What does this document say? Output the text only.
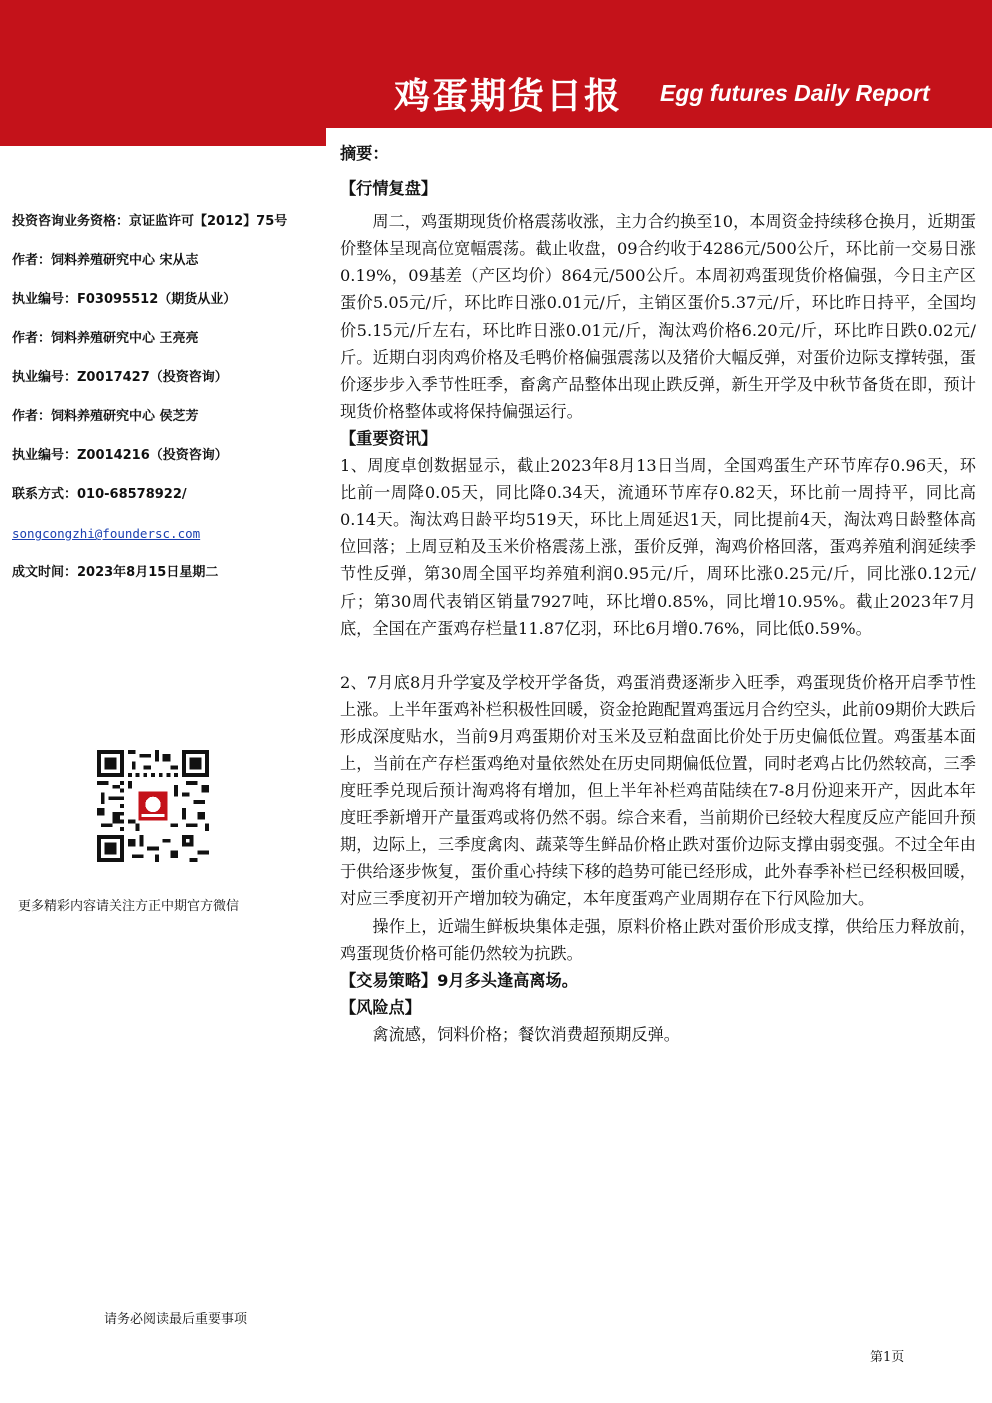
鸡蛋期货日报 Egg futures Daily Report
投资咨询业务资格：京证监许可【2012】75号
作者：饲料养殖研究中心 宋从志
执业编号：F03095512（期货从业）
作者：饲料养殖研究中心 王亮亮
执业编号：Z0017427（投资咨询）
作者：饲料养殖研究中心 侯芝芳
执业编号：Z0014216（投资咨询）
联系方式：010-68578922/
songcongzhi@foundersc.com
成文时间：2023年8月15日星期二
更多精彩内容请关注方正中期官方微信

摘要：

【行情复盘】

周二，鸡蛋期现货价格震荡收涨，主力合约换至10，本周资金持续移仓换月，近期蛋价整体呈现高位宽幅震荡。截止收盘，09合约收于4286元/500公斤，环比前一交易日涨0.19%，09基差（产区均价）864元/500公斤。本周初鸡蛋现货价格偏强，今日主产区蛋价5.05元/斤，环比昨日涨0.01元/斤，主销区蛋价5.37元/斤，环比昨日持平，全国均价5.15元/斤左右，环比昨日涨0.01元/斤，淘汰鸡价格6.20元/斤，环比昨日跌0.02元/斤。近期白羽肉鸡价格及毛鸭价格偏强震荡以及猪价大幅反弹，对蛋价边际支撑转强，蛋价逐步步入季节性旺季，畜禽产品整体出现止跌反弹，新生开学及中秋节备货在即，预计现货价格整体或将保持偏强运行。

【重要资讯】

1、周度卓创数据显示，截止2023年8月13日当周，全国鸡蛋生产环节库存0.96天，环比前一周降0.05天，同比降0.34天，流通环节库存0.82天，环比前一周持平，同比高0.14天。淘汰鸡日龄平均519天，环比上周延迟1天，同比提前4天，淘汰鸡日龄整体高位回落；上周豆粕及玉米价格震荡上涨，蛋价反弹，淘鸡价格回落，蛋鸡养殖利润延续季节性反弹，第30周全国平均养殖利润0.95元/斤，周环比涨0.25元/斤，同比涨0.12元/斤；第30周代表销区销量7927吨，环比增0.85%，同比增10.95%。截止2023年7月底，全国在产蛋鸡存栏量11.87亿羽，环比6月增0.76%，同比低0.59%。

2、7月底8月升学宴及学校开学备货，鸡蛋消费逐渐步入旺季，鸡蛋现货价格开启季节性上涨。上半年蛋鸡补栏积极性回暖，资金抢跑配置鸡蛋远月合约空头，此前09期价大跌后形成深度贴水，当前9月鸡蛋期价对玉米及豆粕盘面比价处于历史偏低位置。鸡蛋基本面上，当前在产存栏蛋鸡绝对量依然处在历史同期偏低位置，同时老鸡占比仍然较高，三季度旺季兑现后预计淘鸡将有增加，但上半年补栏鸡苗陆续在7-8月份迎来开产，因此本年度旺季新增开产量蛋鸡或将仍然不弱。综合来看，当前期价已经较大程度反应产能回升预期，边际上，三季度禽肉、蔬菜等生鲜品价格止跌对蛋价边际支撑由弱变强。不过全年由于供给逐步恢复，蛋价重心持续下移的趋势可能已经形成，此外春季补栏已经积极回暖，对应三季度初开产增加较为确定，本年度蛋鸡产业周期存在下行风险加大。

操作上，近端生鲜板块集体走强，原料价格止跌对蛋价形成支撑，供给压力释放前，鸡蛋现货价格可能仍然较为抗跌。

【交易策略】9月多头逢高离场。

【风险点】

禽流感，饲料价格；餐饮消费超预期反弹。

请务必阅读最后重要事项
第1页
